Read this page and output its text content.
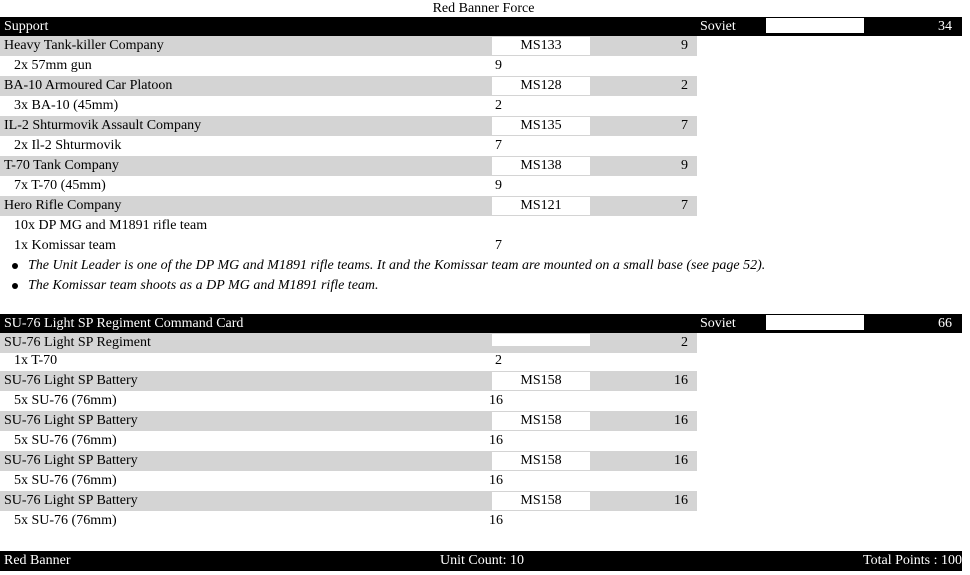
Red Banner Force
Support	Soviet	34
Heavy Tank-killer Company	MS133	9
2x 57mm gun	9
BA-10 Armoured Car Platoon	MS128	2
3x BA-10 (45mm)	2
IL-2 Shturmovik Assault Company	MS135	7
2x Il-2 Shturmovik	7
T-70 Tank Company	MS138	9
7x T-70 (45mm)	9
Hero Rifle Company	MS121	7
10x DP MG and M1891 rifle team
1x Komissar team	7
The Unit Leader is one of the DP MG and M1891 rifle teams. It and the Komissar team are mounted on a small base (see page 52).
The Komissar team shoots as a DP MG and M1891 rifle team.
SU-76 Light SP Regiment Command Card	Soviet	66
SU-76 Light SP Regiment	2
1x T-70	2
SU-76 Light SP Battery	MS158	16
5x SU-76 (76mm)	16
SU-76 Light SP Battery	MS158	16
5x SU-76 (76mm)	16
SU-76 Light SP Battery	MS158	16
5x SU-76 (76mm)	16
SU-76 Light SP Battery	MS158	16
5x SU-76 (76mm)	16
Red Banner	Unit Count: 10	Total Points : 100
